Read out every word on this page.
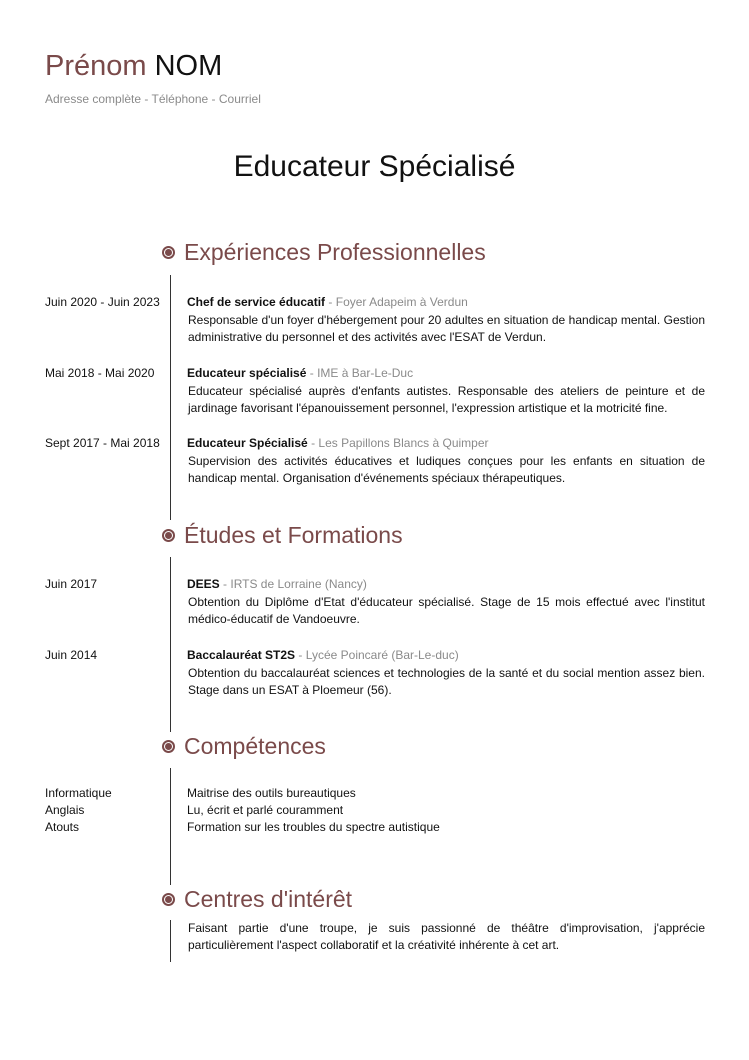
Prénom NOM
Adresse complète - Téléphone - Courriel
Educateur Spécialisé
Expériences Professionnelles
Juin 2020 - Juin 2023 Chef de service éducatif - Foyer Adapeim à Verdun
Responsable d'un foyer d'hébergement pour 20 adultes en situation de handicap mental. Gestion administrative du personnel et des activités avec l'ESAT de Verdun.
Mai 2018 - Mai 2020	Educateur spécialisé - IME à Bar-Le-Duc
Educateur spécialisé auprès d'enfants autistes. Responsable des ateliers de peinture et de jardinage favorisant l'épanouissement personnel, l'expression artistique et la motricité fine.
Sept 2017 - Mai 2018 Educateur Spécialisé - Les Papillons Blancs à Quimper
Supervision des activités éducatives et ludiques conçues pour les enfants en situation de handicap mental. Organisation d'événements spéciaux thérapeutiques.
Études et Formations
Juin 2017	DEES - IRTS de Lorraine (Nancy)
Obtention du Diplôme d'Etat d'éducateur spécialisé. Stage de 15 mois effectué avec l'institut médico-éducatif de Vandoeuvre.
Juin 2014	Baccalauréat ST2S - Lycée Poincaré (Bar-Le-duc)
Obtention du baccalauréat sciences et technologies de la santé et du social mention assez bien. Stage dans un ESAT à Ploemeur (56).
Compétences
Informatique	Maitrise des outils bureautiques
Anglais	Lu, écrit et parlé couramment
Atouts	Formation sur les troubles du spectre autistique
Centres d'intérêt
Faisant partie d'une troupe, je suis passionné de théâtre d'improvisation, j'apprécie particulièrement l'aspect collaboratif et la créativité inhérente à cet art.
